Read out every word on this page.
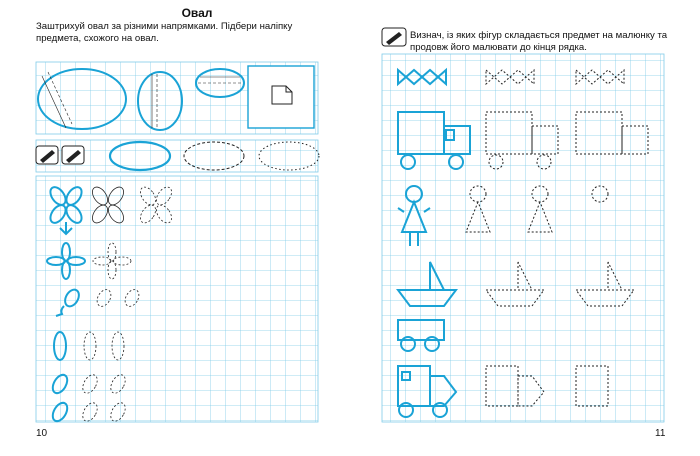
Овал
Заштрихуй овал за різними напрямками. Підбери наліпку предмета, схожого на овал.
10
Визнач, із яких фігур складається предмет на малюнку та продовж його малювати до кінця рядка.
11
